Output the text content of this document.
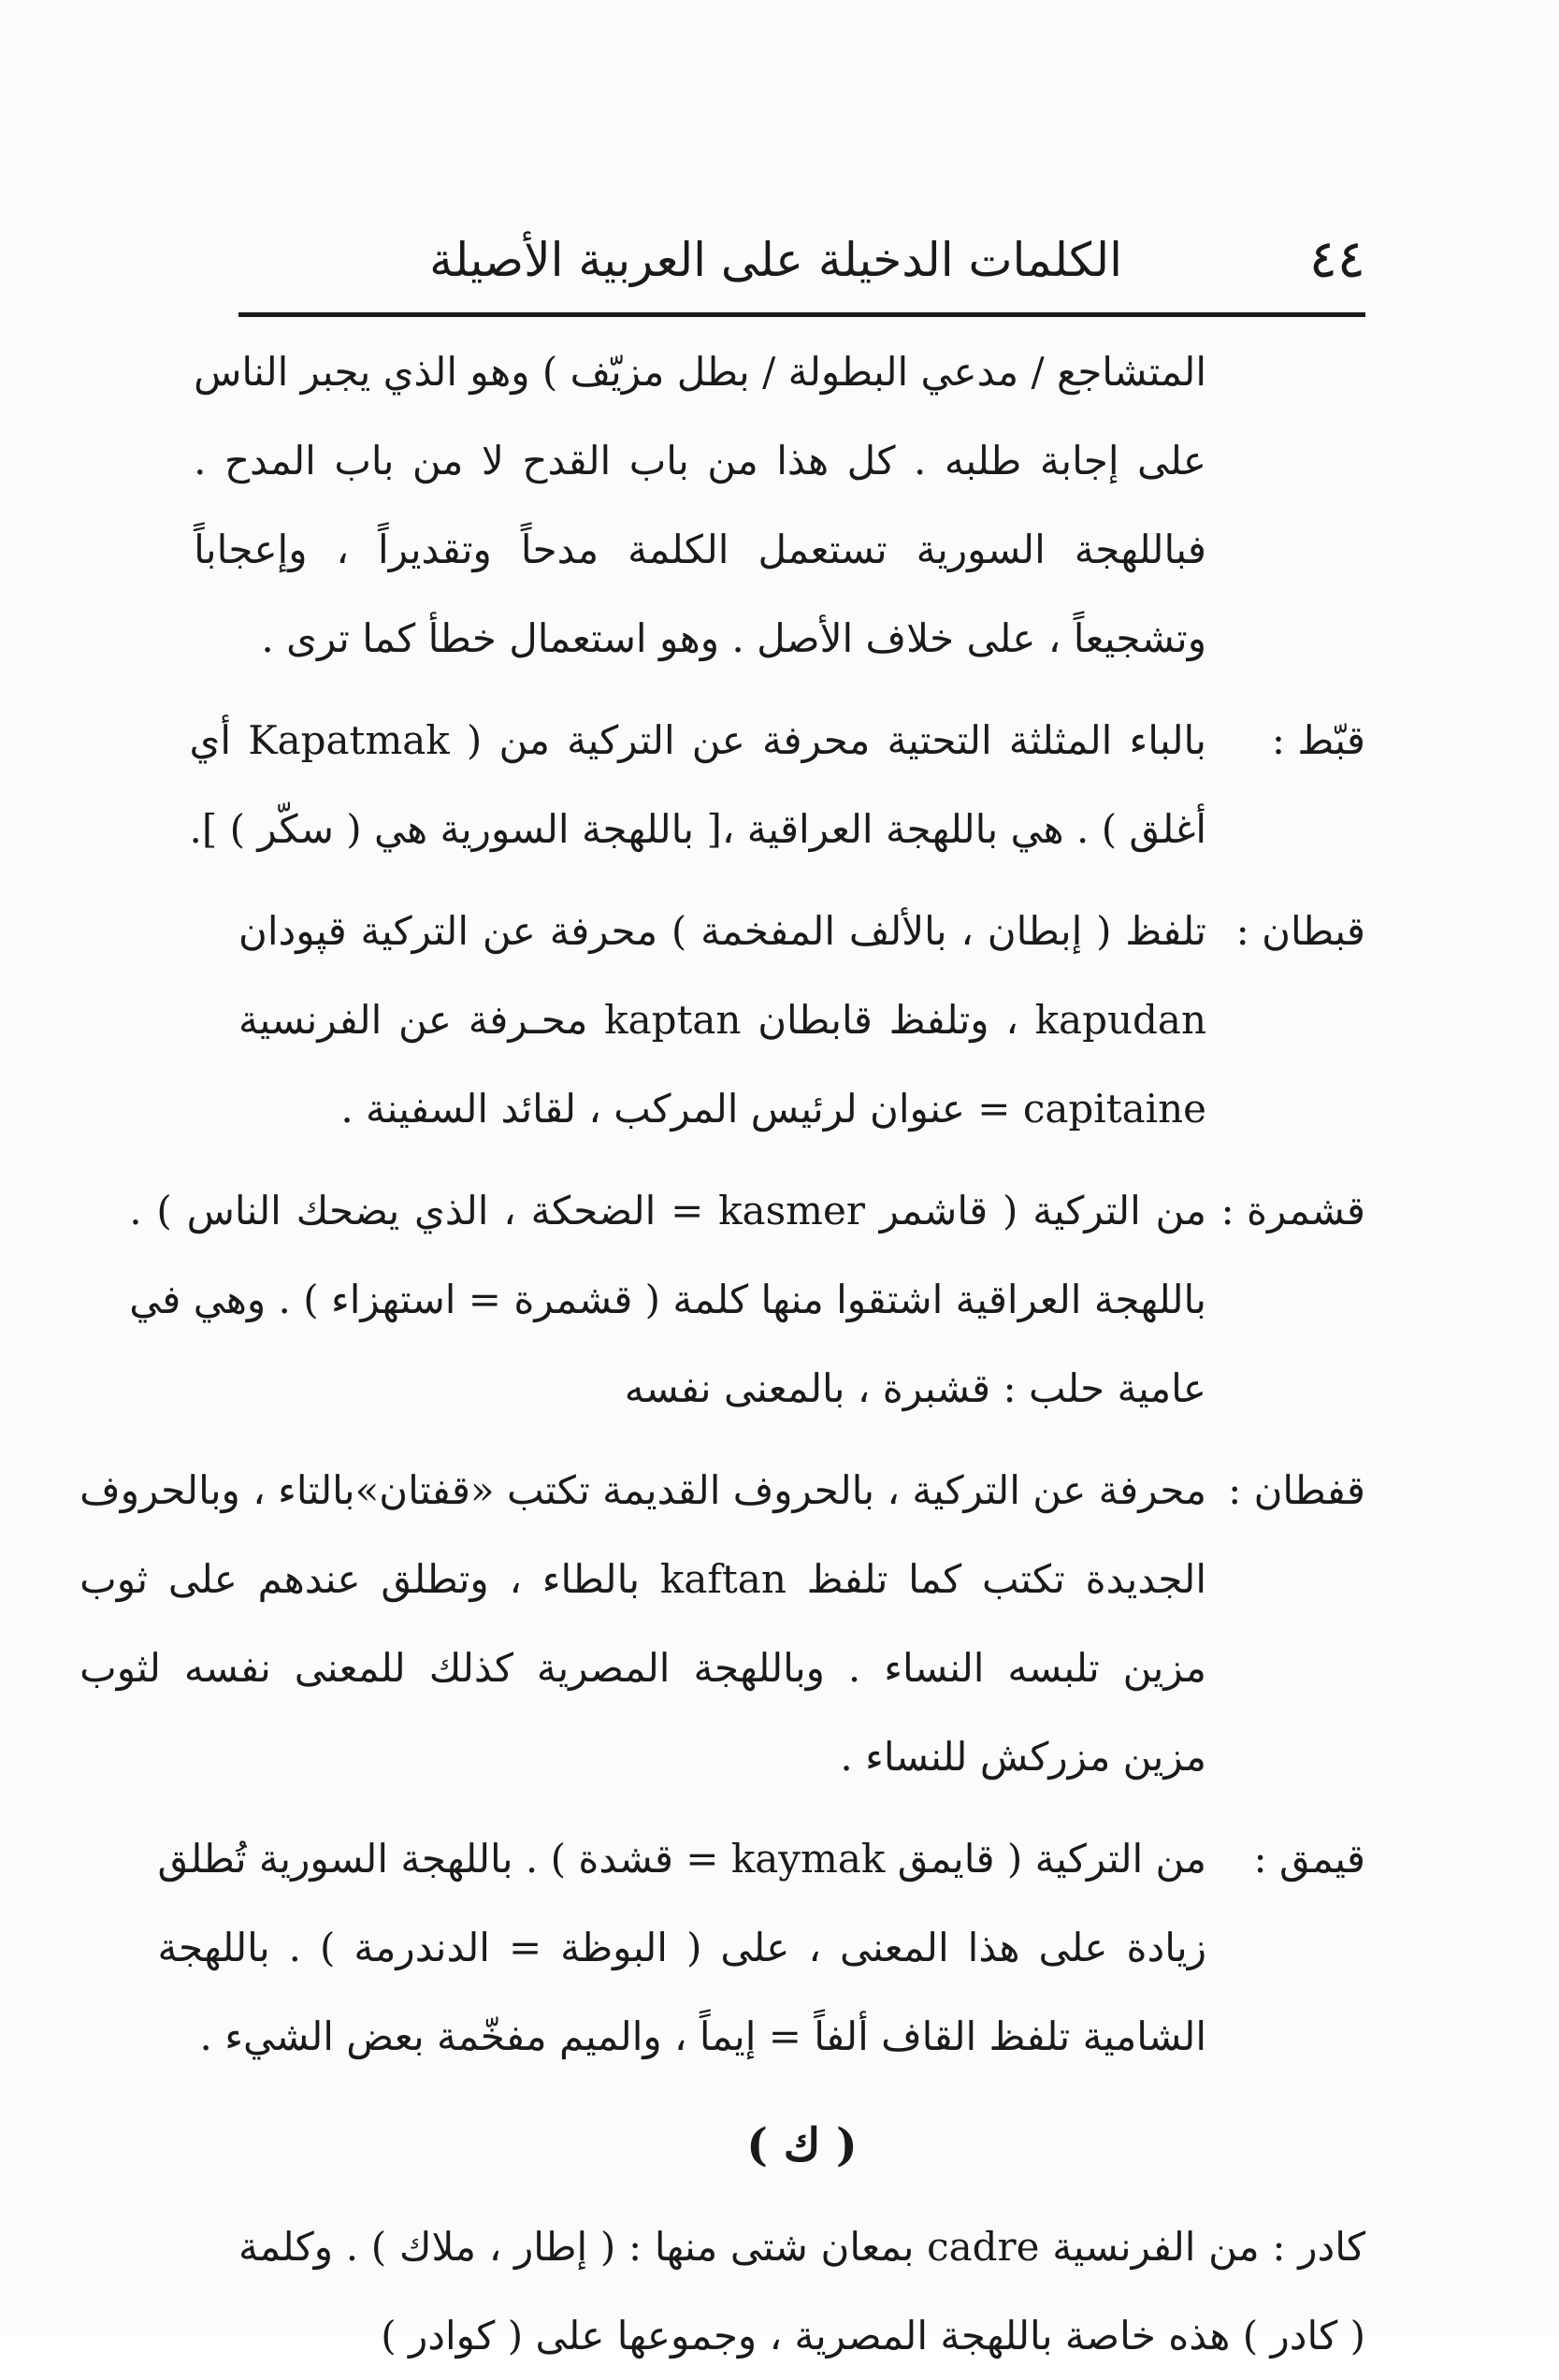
٤٤
الكلمات الدخيلة على العربية الأصيلة
المتشاجع / مدعي البطولة / بطل مزيّف ) وهو الذي يجبر الناس
على إجابة طلبه . كل هذا من باب القدح لا من باب المدح .
فباللهجة السورية تستعمل الكلمة مدحاً وتقديراً ، وإعجاباً
وتشجيعاً ، على خلاف الأصل . وهو استعمال خطأ كما ترى .
قبّط :
بالباء المثلثة التحتية محرفة عن التركية من ( Kapatmak أي
أغلق ) . هي باللهجة العراقية ،[ باللهجة السورية هي ( سكّر ) ].
قبطان :
تلفظ ( إبطان ، بالألف المفخمة ) محرفة عن التركية قپودان
kapudan ، وتلفظ قابطان kaptan محـرفة عن الفرنسية
capitaine = عنوان لرئيس المركب ، لقائد السفينة .
قشمرة :
من التركية ( قاشمر kasmer = الضحكة ، الذي يضحك الناس ) .
باللهجة العراقية اشتقوا منها كلمة ( قشمرة = استهزاء ) . وهي في
عامية حلب : قشبرة ، بالمعنى نفسه
قفطان :
محرفة عن التركية ، بالحروف القديمة تكتب «قفتان»بالتاء ، وبالحروف
الجديدة تكتب كما تلفظ kaftan بالطاء ، وتطلق عندهم على ثوب
مزين تلبسه النساء . وباللهجة المصرية كذلك للمعنى نفسه لثوب
مزين مزركش للنساء .
قيمق :
من التركية ( قايمق kaymak = قشدة ) . باللهجة السورية تُطلق
زيادة على هذا المعنى ، على ( البوظة = الدندرمة ) . باللهجة
الشامية تلفظ القاف ألفاً = إيماً ، والميم مفخّمة بعض الشيء .
( ك )
كادر : من الفرنسية cadre بمعان شتى منها : ( إطار ، ملاك ) . وكلمة
( كادر ) هذه خاصة باللهجة المصرية ، وجموعها على ( كوادر )
